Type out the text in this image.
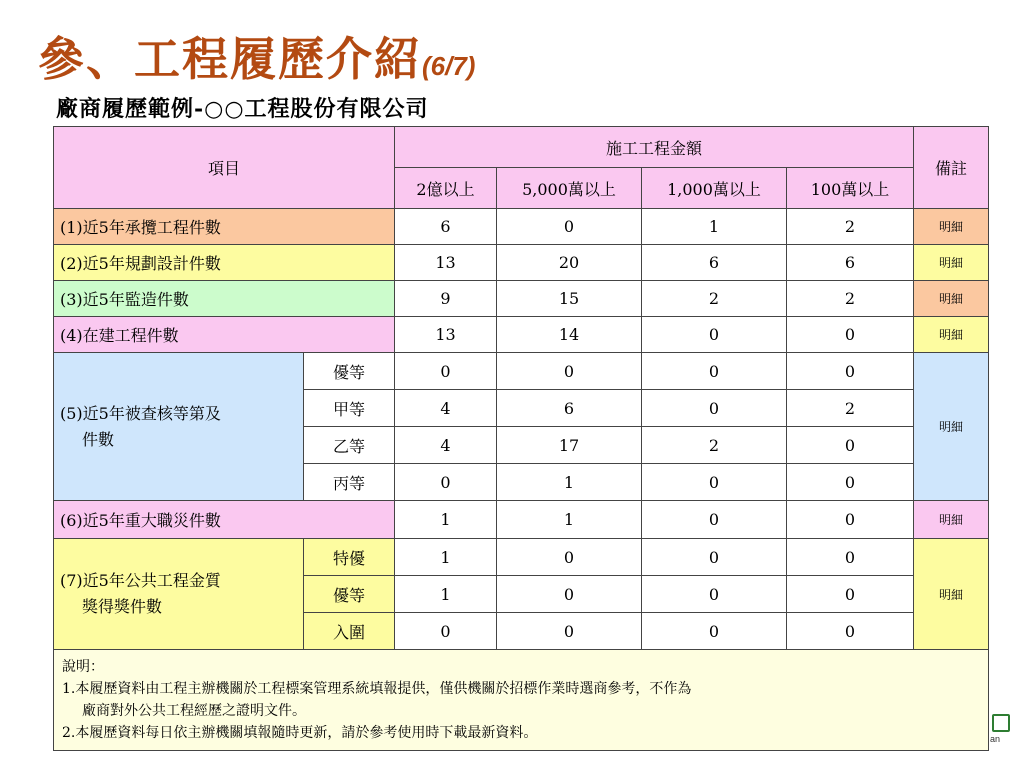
參、工程履歷介紹(6/7)
廠商履歷範例-○○工程股份有限公司
項目		施工工程金額				備註
		2億以上	5,000萬以上	1,000萬以上	100萬以上	
(1)近5年承攬工程件數		6	0	1	2	明細
(2)近5年規劃設計件數		13	20	6	6	明細
(3)近5年監造件數		9	15	2	2	明細
(4)在建工程件數		13	14	0	0	明細

(5)近5年被查核等第及
件數	優等	0	0	0	0	明細
	甲等	4	6	0	2	
	乙等	4	17	2	0	
	丙等	0	1	0	0	
(6)近5年重大職災件數		1	1	0	0	明細

(7)近5年公共工程金質
獎得獎件數	特優	1	0	0	0	明細
	優等	1	0	0	0	
	入圍	0	0	0	0	

說明：
1.本履歷資料由工程主辦機關於工程標案管理系統填報提供，僅供機關於招標作業時選商參考，不作為
廠商對外公共工程經歷之證明文件。
2.本履歷資料每日依主辦機關填報隨時更新，請於參考使用時下載最新資料。							an
